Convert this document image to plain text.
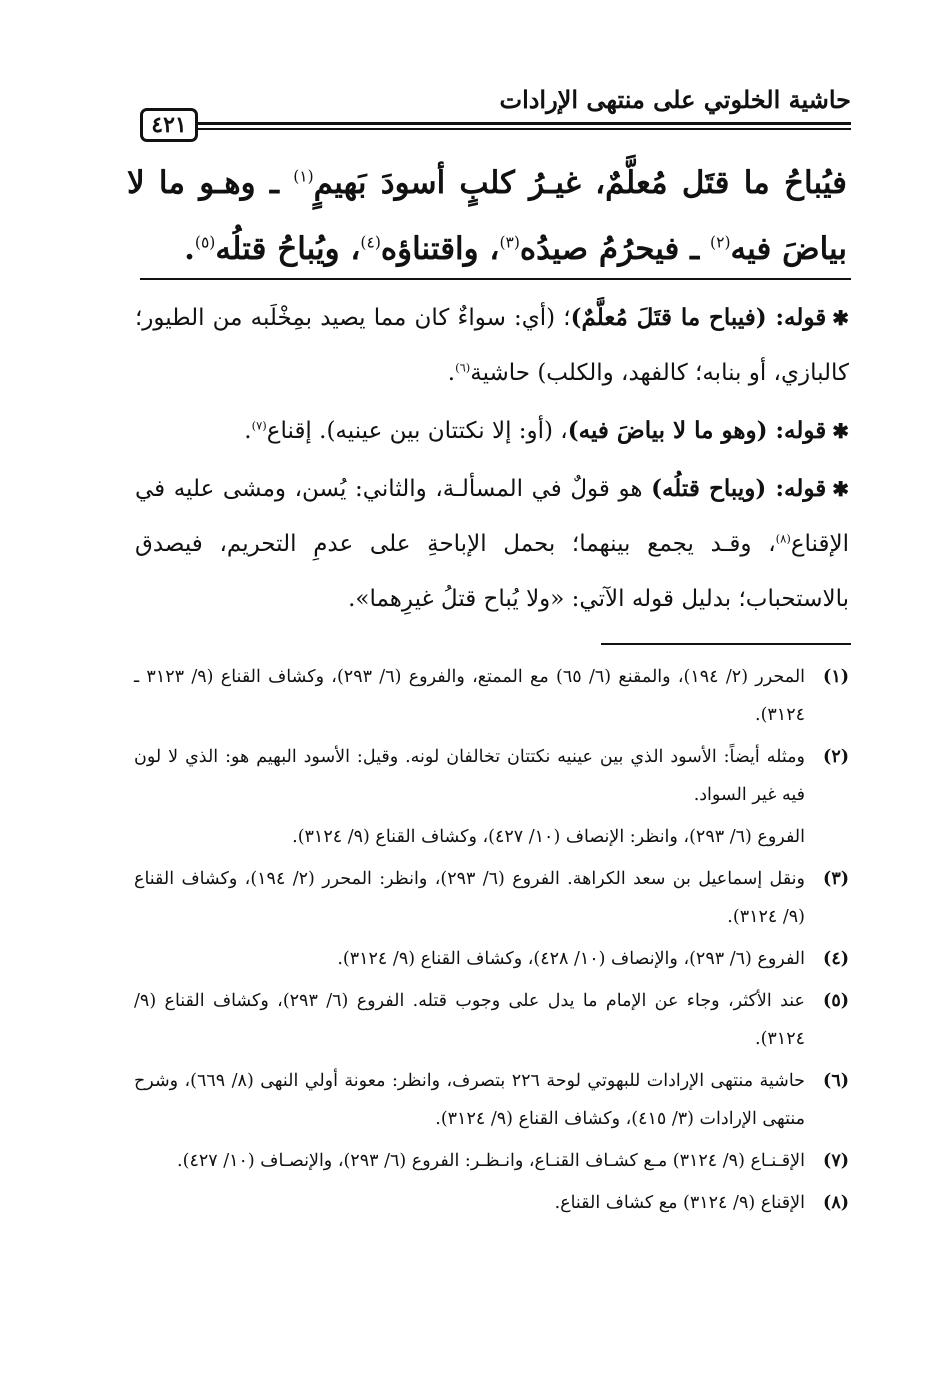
حاشية الخلوتي على منتهى الإرادات
٤٢١
فيُباحُ ما قتَل مُعلَّمٌ، غيـرُ كلبٍ أسودَ بَهيمٍ$^{(١)}$ ـ وهـو ما لا بياضَ فيه$^{(٢)}$ ـ فيحرُمُ صيدُه$^{(٣)}$، واقتناؤه$^{(٤)}$، ويُباحُ قتلُه$^{(٥)}$.

✱قوله: (فيباح ما قتَلَ مُعلَّمٌ)؛ (أي: سواءٌ كان مما يصيد بمِخْلَبه من الطيور؛ كالبازي، أو بنابه؛ كالفهد، والكلب) حاشية$^{(٦)}$.

✱قوله: (وهو ما لا بياضَ فيه)، (أو: إلا نكتتان بين عينيه). إقناع$^{(٧)}$.

✱قوله: (ويباح قتلُه) هو قولٌ في المسألـة، والثاني: يُسن، ومشى عليه في الإقناع$^{(٨)}$، وقـد يجمع بينهما؛ بحمل الإباحةِ على عدمِ التحريم، فيصدق بالاستحباب؛ بدليل قوله الآتي: «ولا يُباح قتلُ غيرِهما».

(١)
المحرر (٢/ ١٩٤)، والمقنع (٦/ ٦٥) مع الممتع، والفروع (٦/ ٢٩٣)، وكشاف القناع (٩/ ٣١٢٣ ـ ٣١٢٤).
(٢)
ومثله أيضاً: الأسود الذي بين عينيه نكتتان تخالفان لونه. وقيل: الأسود البهيم هو: الذي لا لون فيه غير السواد.
الفروع (٦/ ٢٩٣)، وانظر: الإنصاف (١٠/ ٤٢٧)، وكشاف القناع (٩/ ٣١٢٤).
(٣)
ونقل إسماعيل بن سعد الكراهة. الفروع (٦/ ٢٩٣)، وانظر: المحرر (٢/ ١٩٤)، وكشاف القناع (٩/ ٣١٢٤).
(٤)
الفروع (٦/ ٢٩٣)، والإنصاف (١٠/ ٤٢٨)، وكشاف القناع (٩/ ٣١٢٤).
(٥)
عند الأكثر، وجاء عن الإمام ما يدل على وجوب قتله. الفروع (٦/ ٢٩٣)، وكشاف القناع (٩/ ٣١٢٤).
(٦)
حاشية منتهى الإرادات للبهوتي لوحة ٢٢٦ بتصرف، وانظر: معونة أولي النهى (٨/ ٦٦٩)، وشرح منتهى الإرادات (٣/ ٤١٥)، وكشاف القناع (٩/ ٣١٢٤).
(٧)
الإقـنـاع (٩/ ٣١٢٤) مـع كشـاف القنـاع، وانـظـر: الفروع (٦/ ٢٩٣)، والإنصـاف (١٠/ ٤٢٧).
(٨)
الإقناع (٩/ ٣١٢٤) مع كشاف القناع.
